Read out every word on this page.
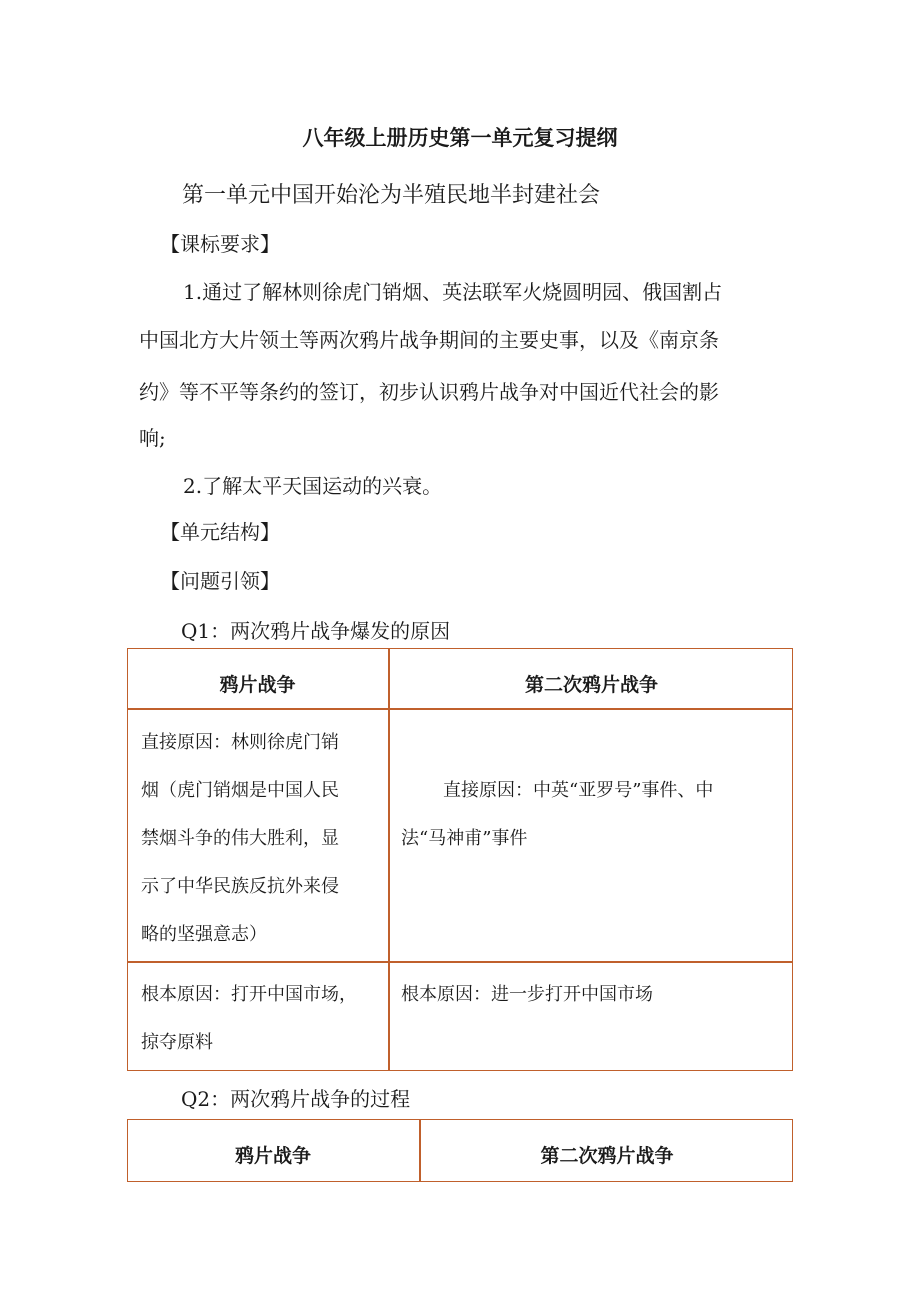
八年级上册历史第一单元复习提纲
第一单元中国开始沦为半殖民地半封建社会
【课标要求】
1.通过了解林则徐虎门销烟、英法联军火烧圆明园、俄国割占
中国北方大片领土等两次鸦片战争期间的主要史事，以及《南京条
约》等不平等条约的签订，初步认识鸦片战争对中国近代社会的影
响;
2.了解太平天国运动的兴衰。
【单元结构】
【问题引领】
Q1：两次鸦片战争爆发的原因
鸦片战争	第二次鸦片战争
直接原因：林则徐虎门销
烟（虎门销烟是中国人民
禁烟斗争的伟大胜利，显
示了中华民族反抗外来侵
略的坚强意志）
直接原因：中英“亚罗号”事件、中
法“马神甫”事件
根本原因：打开中国市场，
掠夺原料
根本原因：进一步打开中国市场
Q2：两次鸦片战争的过程
鸦片战争	第二次鸦片战争
